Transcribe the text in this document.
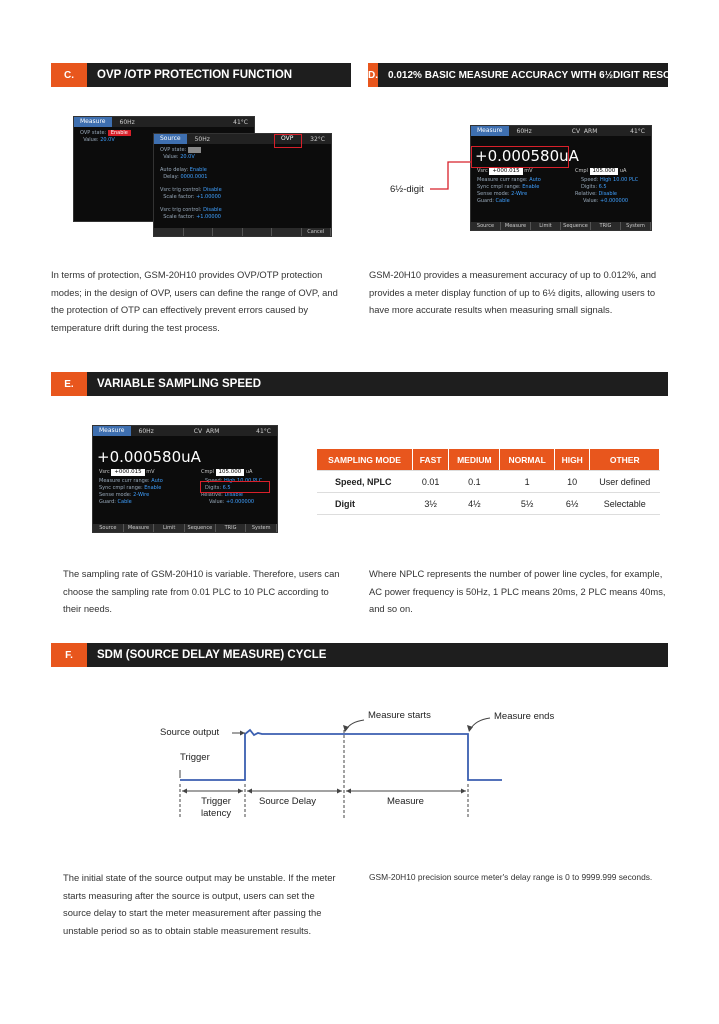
C.	OVP /OTP PROTECTION FUNCTION
Measure	60Hz	41°C
OVP state: Enable
Value: 20.0V	Source	50Hz	32°C
OVP state:
Value: 20.0V
Auto delay: Enable
Delay: 0000.0001
Vsrc trig control: Disable
Scale factor: +1.00000
Vsrc trig control: Disable
Scale factor: +1.00000
Cancel
OVP
In terms of protection, GSM-20H10 provides OVP/OTP protection modes; in the design of OVP, users can define the range of OVP, and the protection of OTP can effectively prevent errors caused by temperature drift during the test process.
D. 0.012% BASIC MEASURE ACCURACY WITH 6½DIGIT RESOLUTION
Measure	60Hz	CV
ARM	41°C
+0.000580uA
Vsrc +000.015 mV	Cmpl 105.000 uA
Measure curr range: Auto	Speed: High 10.00 PLC
Sync cmpl range: Enable	Digits: 6.5
Sense mode: 2-Wire	Relative: Disable
Guard: Cable	Value: +0.000000
Source	Measure	Limit	Sequence	TRIG	System
6½-digit
GSM-20H10 provides a measurement accuracy of up to 0.012%, and provides a meter display function of up to 6½ digits, allowing users to have more accurate results when measuring small signals.
E.	VARIABLE SAMPLING SPEED
Measure	60Hz	CV
ARM	41°C
+0.000580uA
Vsrc +000.015 mV	Cmpl 105.000 uA
Measure curr range: Auto	Speed: High 10.00 PLC
Sync cmpl range: Enable	Digits: 6.5
Sense mode: 2-Wire	Relative: Disable
Guard: Cable	Value: +0.000000
Source	Measure	Limit	Sequence	TRIG	System
SAMPLING MODE	FAST	MEDIUM	NORMAL	HIGH	OTHER
Speed, NPLC	0.01	0.1	1	10	User defined
Digit	3½	4½	5½	6½	Selectable
The sampling rate of GSM-20H10 is variable. Therefore, users can choose the sampling rate from 0.01 PLC to 10 PLC according to their needs.
Where NPLC represents the number of power line cycles, for example, AC power frequency is 50Hz, 1 PLC means 20ms, 2 PLC means 40ms, and so on.
F.	SDM (SOURCE DELAY MEASURE) CYCLE
Source output
Trigger
Measure starts	Measure ends
Trigger
latency
Source Delay	Measure
The initial state of the source output may be unstable. If the meter starts measuring after the source is output, users can set the source delay to start the meter measurement after passing the unstable period so as to obtain stable measurement results.
GSM-20H10 precision source meter's delay range is 0 to 9999.999 seconds.
